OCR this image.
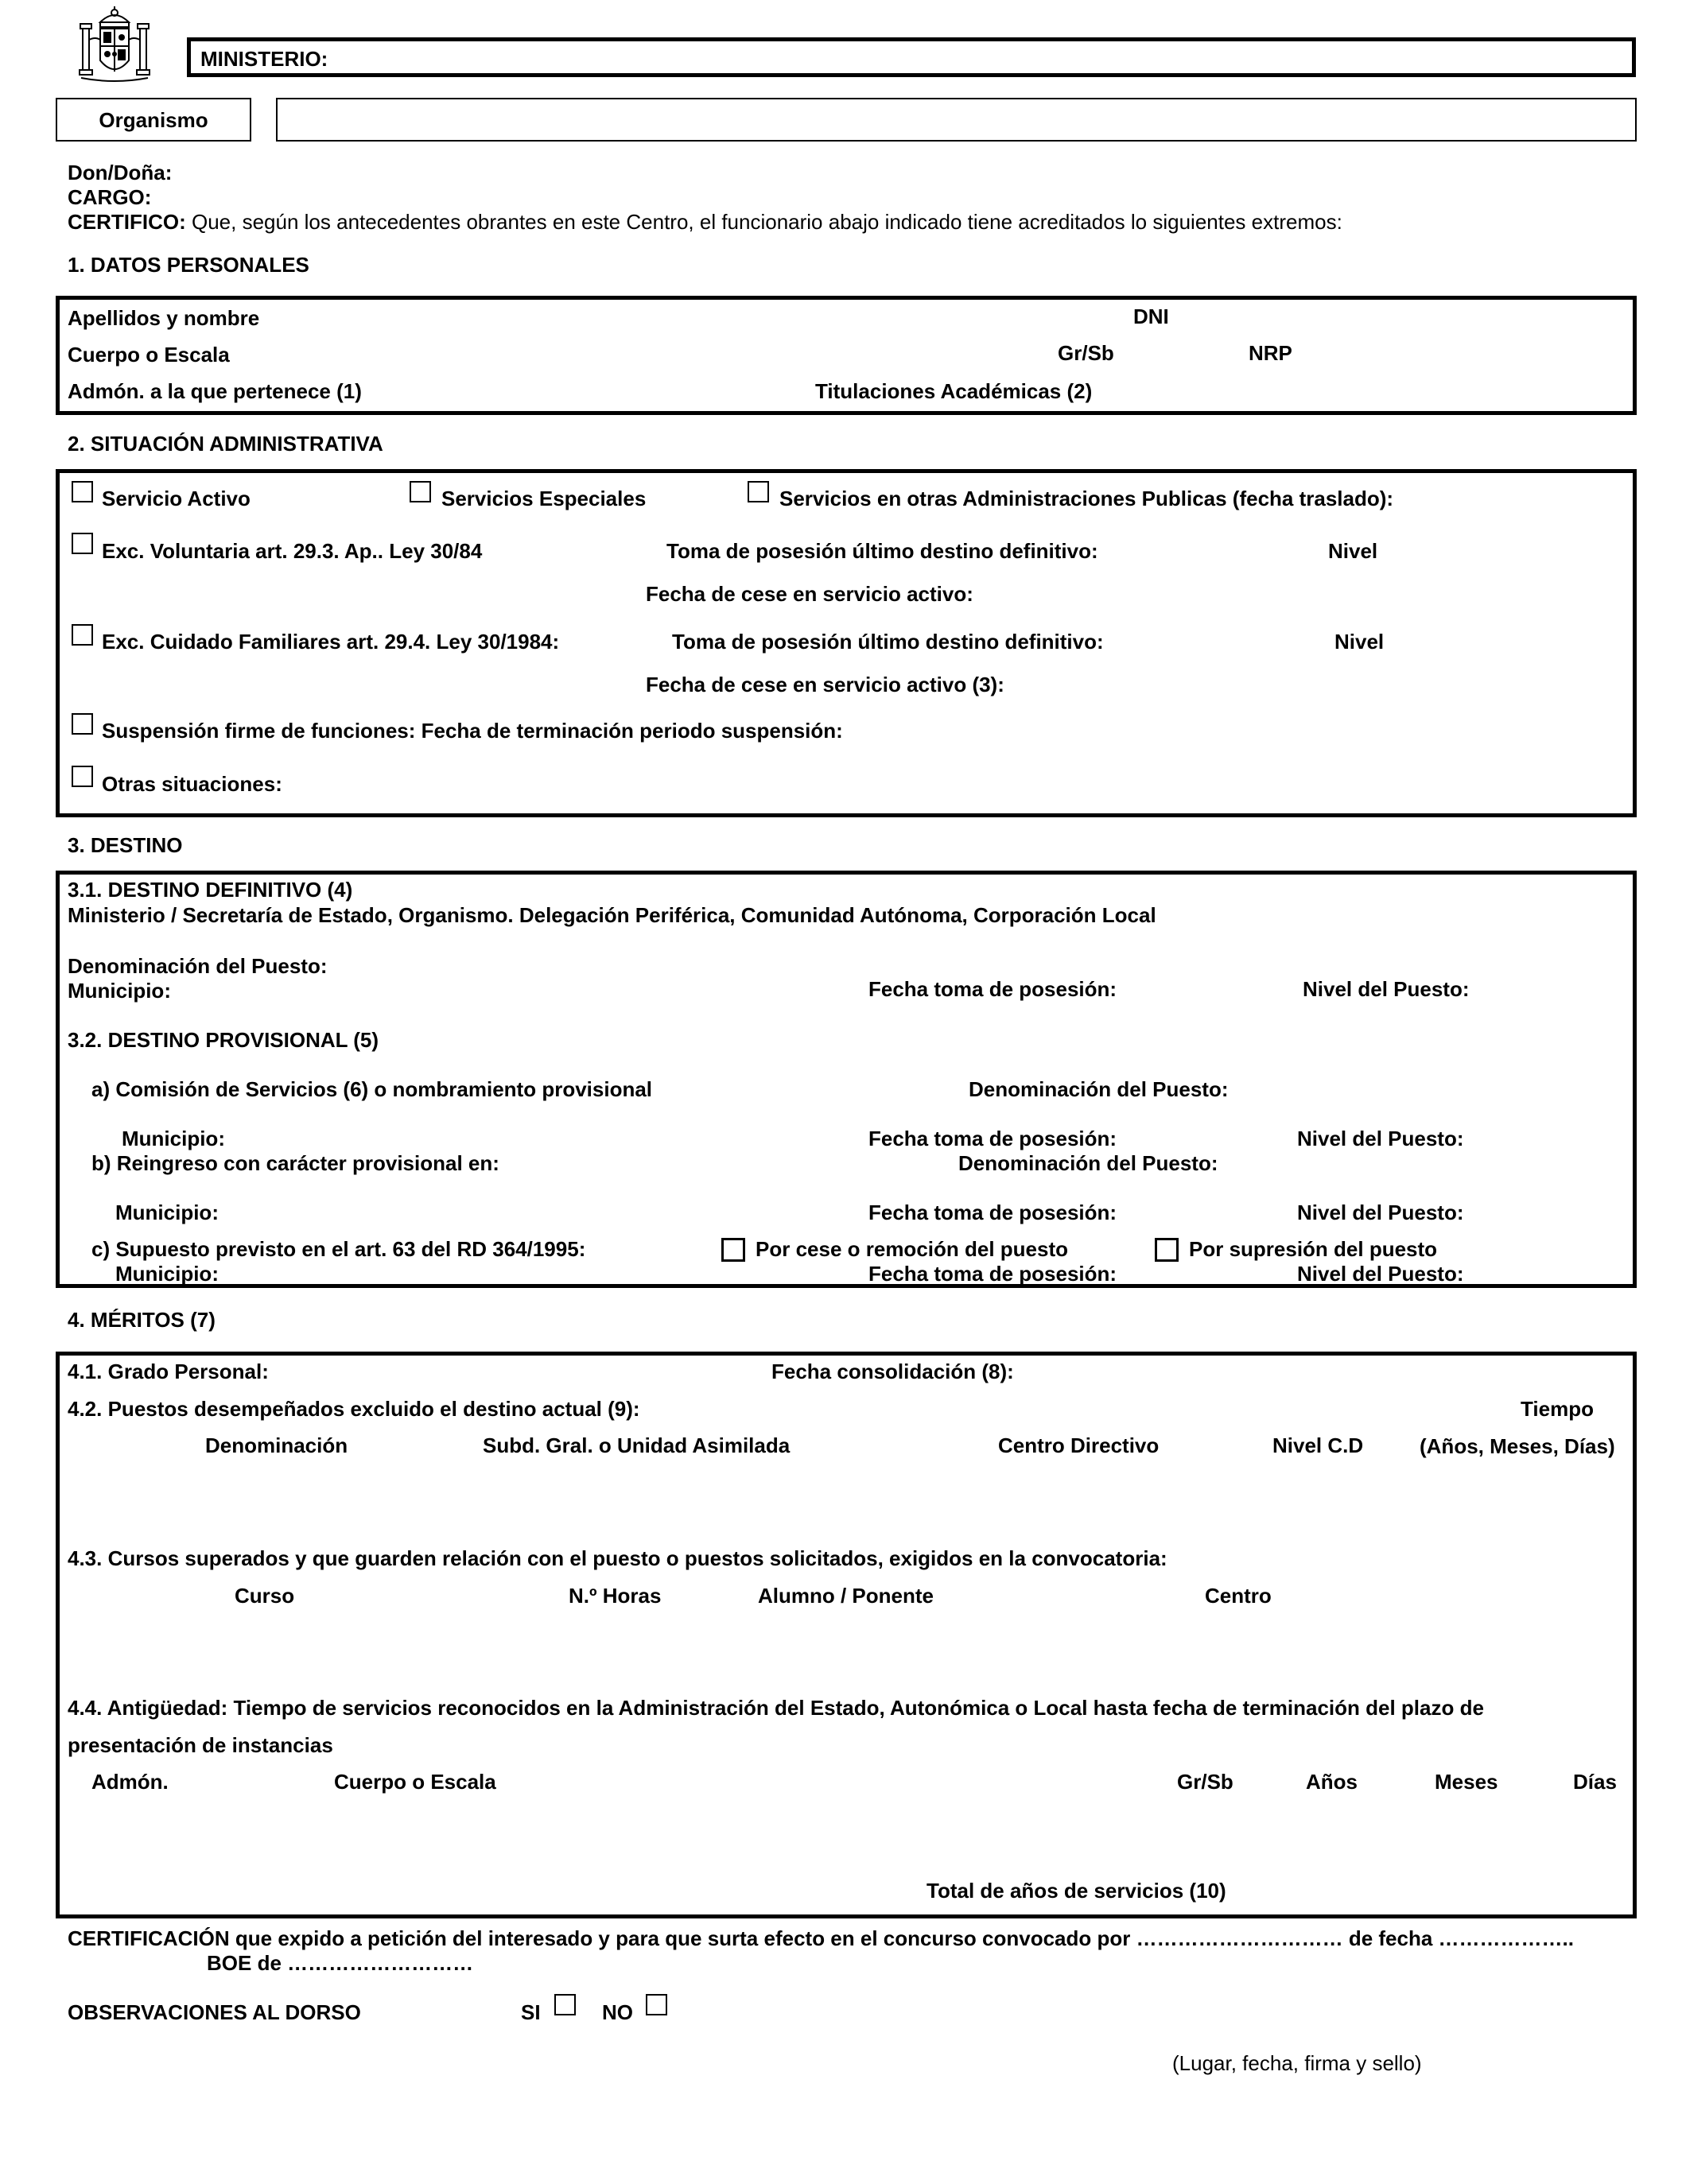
MINISTERIO:
Organismo
Don/Doña:
CARGO:
CERTIFICO: Que, según los antecedentes obrantes en este Centro, el funcionario abajo indicado tiene acreditados lo siguientes extremos:
1. DATOS PERSONALES
Apellidos y nombre	DNI
Cuerpo o Escala	Gr/Sb	NRP
Admón. a la que pertenece (1)	Titulaciones Académicas (2)
2. SITUACIÓN ADMINISTRATIVA
Servicio Activo	Servicios Especiales	Servicios en otras Administraciones Publicas (fecha traslado):
Exc. Voluntaria art. 29.3. Ap.. Ley 30/84	Toma de posesión último destino definitivo:	Nivel
Fecha de cese en servicio activo:
Exc. Cuidado Familiares art. 29.4. Ley 30/1984:	Toma de posesión último destino definitivo:	Nivel
Fecha de cese en servicio activo (3):
Suspensión firme de funciones: Fecha de terminación periodo suspensión:
Otras situaciones:
3. DESTINO
3.1. DESTINO DEFINITIVO (4)
Ministerio / Secretaría de Estado, Organismo. Delegación Periférica, Comunidad Autónoma, Corporación Local
Denominación del Puesto:
Municipio:	Fecha toma de posesión:	Nivel del Puesto:
3.2. DESTINO PROVISIONAL (5)
a) Comisión de Servicios (6) o nombramiento provisional	Denominación del Puesto:
Municipio:	Fecha toma de posesión:	Nivel del Puesto:
b) Reingreso con carácter provisional en:	Denominación del Puesto:
Municipio:	Fecha toma de posesión:	Nivel del Puesto:
c) Supuesto previsto en el art. 63 del RD 364/1995:	Por cese o remoción del puesto	Por supresión del puesto
Municipio:	Fecha toma de posesión:	Nivel del Puesto:
4. MÉRITOS (7)
4.1. Grado Personal:	Fecha consolidación (8):
4.2. Puestos desempeñados excluido el destino actual (9):	Tiempo
Denominación	Subd. Gral. o Unidad Asimilada	Centro Directivo	Nivel C.D	(Años, Meses, Días)
4.3. Cursos superados y que guarden relación con el puesto o puestos solicitados, exigidos en la convocatoria:
Curso	N.º Horas	Alumno / Ponente	Centro
4.4. Antigüedad: Tiempo de servicios reconocidos en la Administración del Estado, Autonómica o Local hasta fecha de terminación del plazo de
presentación de instancias
Admón.	Cuerpo o Escala	Gr/Sb	Años	Meses	Días
Total de años de servicios (10)
CERTIFICACIÓN que expido a petición del interesado y para que surta efecto en el concurso convocado por ………………………… de fecha ………………..
BOE de ………………………
OBSERVACIONES AL DORSO	SI	NO
(Lugar, fecha, firma y sello)
